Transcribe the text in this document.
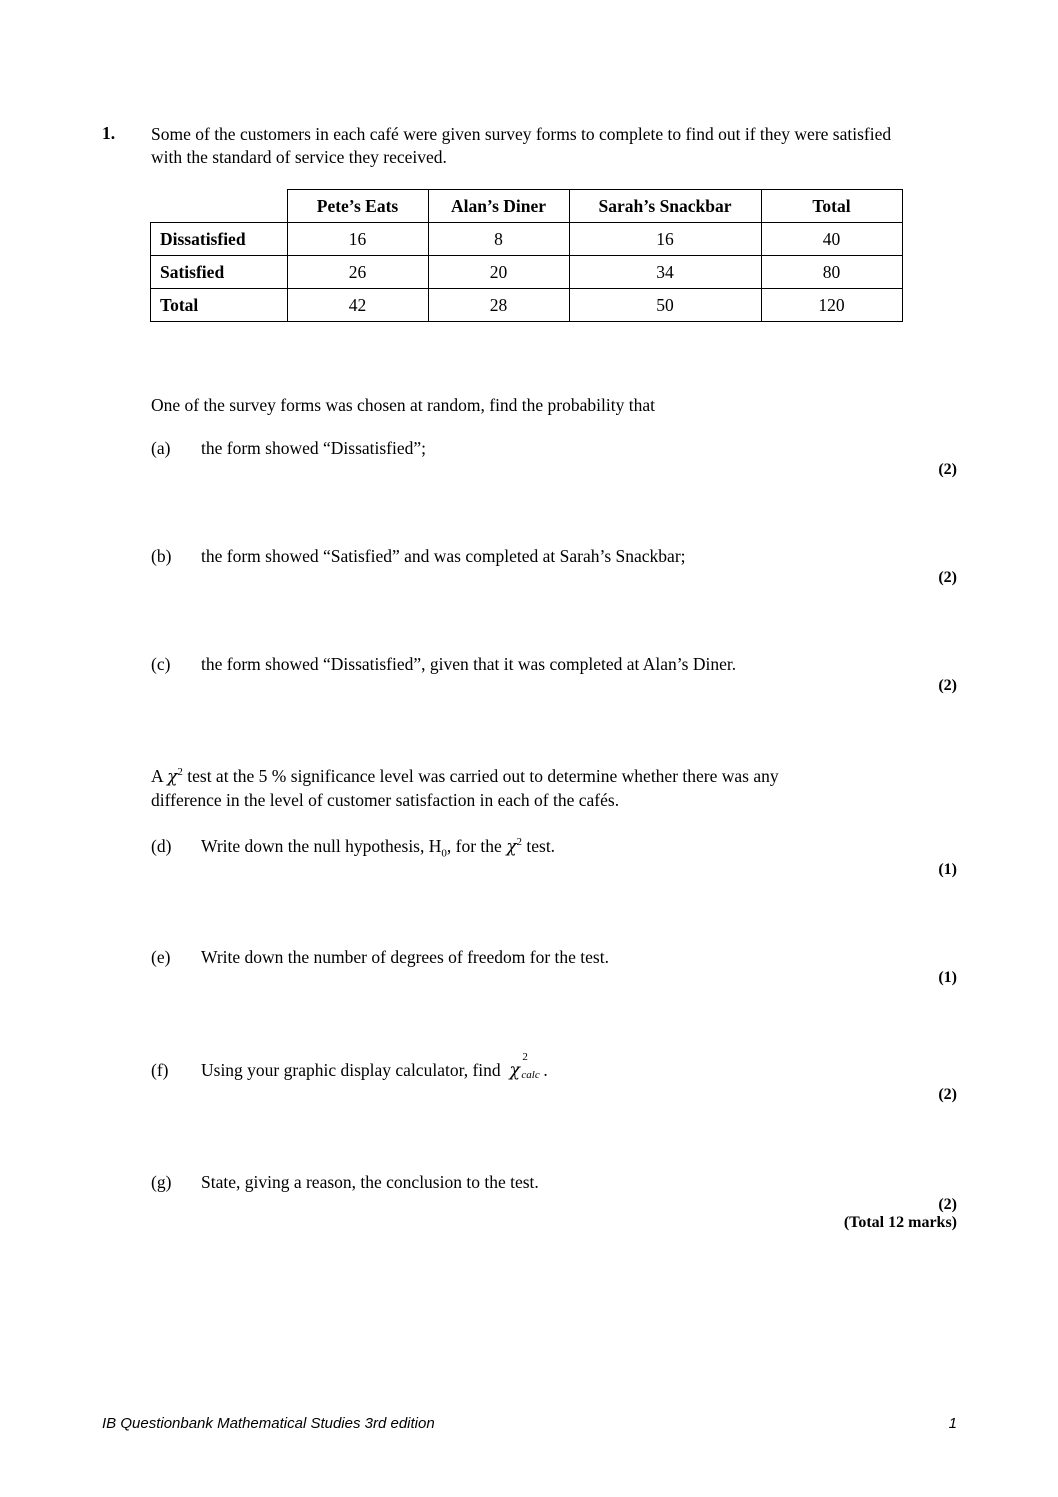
1. Some of the customers in each café were given survey forms to complete to find out if they were satisfied with the standard of service they received.
	Pete’s Eats	Alan’s Diner	Sarah’s Snackbar	Total
Dissatisfied	16	8	16	40
Satisfied	26	20	34	80
Total	42	28	50	120
One of the survey forms was chosen at random, find the probability that
(a) the form showed “Dissatisfied”;
(2)
(b) the form showed “Satisfied” and was completed at Sarah’s Snackbar;
(2)
(c) the form showed “Dissatisfied”, given that it was completed at Alan’s Diner.
(2)
A $\chi^2$ test at the 5 % significance level was carried out to determine whether there was any
difference in the level of customer satisfaction in each of the cafés.
(d) Write down the null hypothesis, $H_0$, for the $\chi^2$ test.
(1)
(e) Write down the number of degrees of freedom for the test.
(1)
(f) Using your graphic display calculator, find χ
2
calc .
(2)
(g) State, giving a reason, the conclusion to the test.
(2)
(Total 12 marks)
IB Questionbank Mathematical Studies 3rd edition	1
